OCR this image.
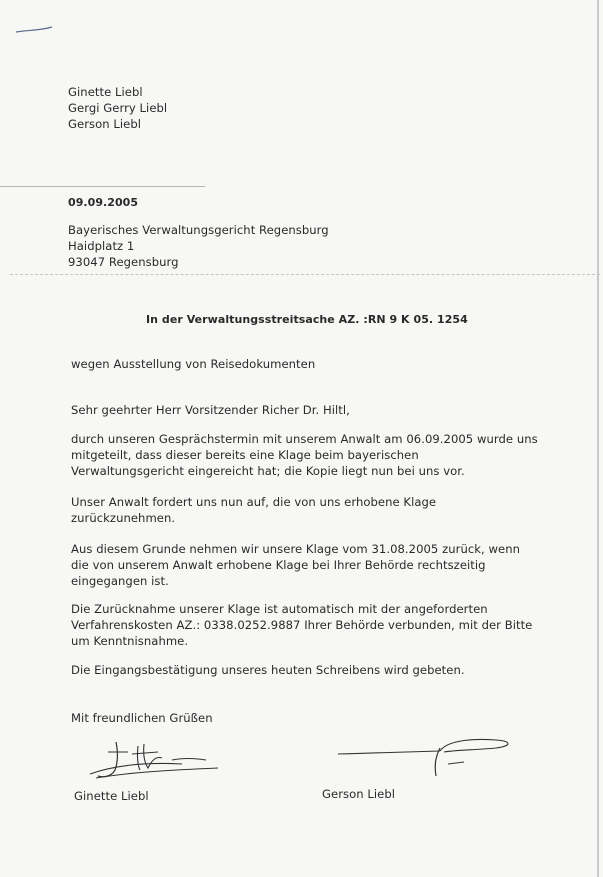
Ginette Liebl
Gergi Gerry Liebl
Gerson Liebl
09.09.2005
Bayerisches Verwaltungsgericht Regensburg
Haidplatz 1
93047 Regensburg
In der Verwaltungsstreitsache AZ. :RN 9 K 05. 1254
wegen Ausstellung von Reisedokumenten
Sehr geehrter Herr Vorsitzender Richer Dr. Hiltl,
durch unseren Gesprächstermin mit unserem Anwalt am 06.09.2005 wurde uns
mitgeteilt, dass dieser bereits eine Klage beim bayerischen
Verwaltungsgericht eingereicht hat; die Kopie liegt nun bei uns vor.
Unser Anwalt fordert uns nun auf, die von uns erhobene Klage
zurückzunehmen.
Aus diesem Grunde nehmen wir unsere Klage vom 31.08.2005 zurück, wenn
die von unserem Anwalt erhobene Klage bei Ihrer Behörde rechtszeitig
eingegangen ist.
Die Zurücknahme unserer Klage ist automatisch mit der angeforderten
Verfahrenskosten AZ.: 0338.0252.9887 Ihrer Behörde verbunden, mit der Bitte
um Kenntnisnahme.
Die Eingangsbestätigung unseres heuten Schreibens wird gebeten.
Mit freundlichen Grüßen
Ginette Liebl	Gerson Liebl
